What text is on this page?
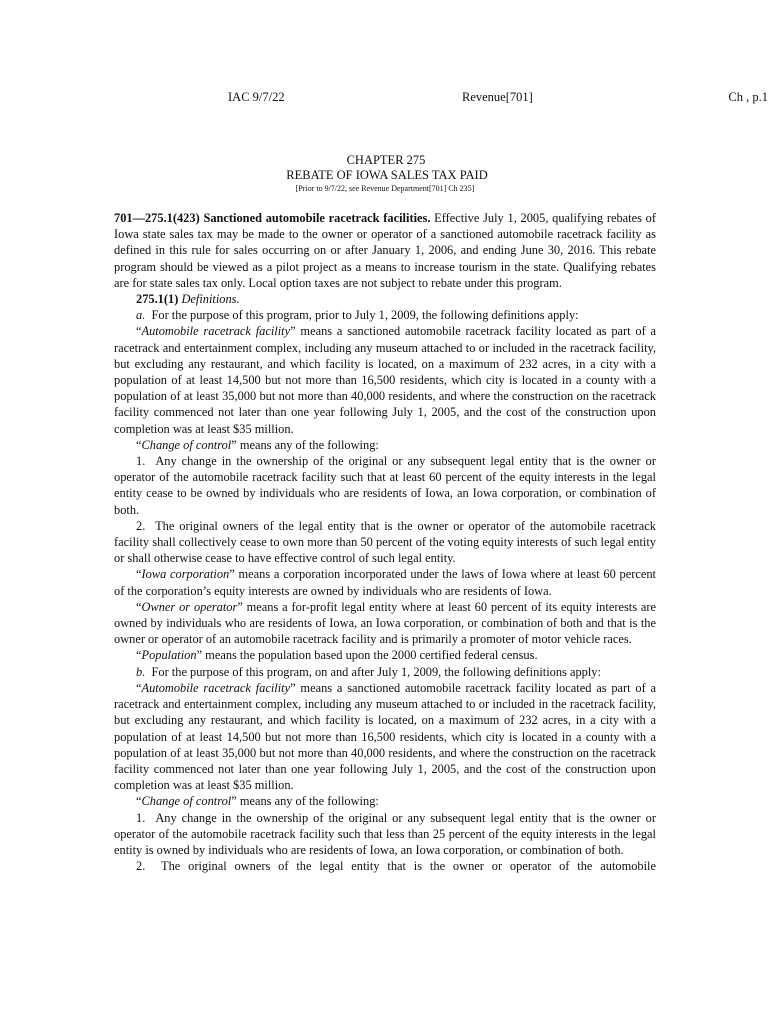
IAC 9/7/22	Revenue[701]	Ch , p.1
CHAPTER 275
REBATE OF IOWA SALES TAX PAID
[Prior to 9/7/22, see Revenue Department[701] Ch 235]

701—275.1(423) Sanctioned automobile racetrack facilities. Effective July 1, 2005, qualifying rebates of Iowa state sales tax may be made to the owner or operator of a sanctioned automobile racetrack facility as defined in this rule for sales occurring on or after January 1, 2006, and ending June 30, 2016. This rebate program should be viewed as a pilot project as a means to increase tourism in the state. Qualifying rebates are for state sales tax only. Local option taxes are not subject to rebate under this program.

275.1(1) Definitions.

a. For the purpose of this program, prior to July 1, 2009, the following definitions apply:

“Automobile racetrack facility” means a sanctioned automobile racetrack facility located as part of a racetrack and entertainment complex, including any museum attached to or included in the racetrack facility, but excluding any restaurant, and which facility is located, on a maximum of 232 acres, in a city with a population of at least 14,500 but not more than 16,500 residents, which city is located in a county with a population of at least 35,000 but not more than 40,000 residents, and where the construction on the racetrack facility commenced not later than one year following July 1, 2005, and the cost of the construction upon completion was at least $35 million.

“Change of control” means any of the following:

1. Any change in the ownership of the original or any subsequent legal entity that is the owner or operator of the automobile racetrack facility such that at least 60 percent of the equity interests in the legal entity cease to be owned by individuals who are residents of Iowa, an Iowa corporation, or combination of both.

2. The original owners of the legal entity that is the owner or operator of the automobile racetrack facility shall collectively cease to own more than 50 percent of the voting equity interests of such legal entity or shall otherwise cease to have effective control of such legal entity.

“Iowa corporation” means a corporation incorporated under the laws of Iowa where at least 60 percent of the corporation’s equity interests are owned by individuals who are residents of Iowa.

“Owner or operator” means a for-profit legal entity where at least 60 percent of its equity interests are owned by individuals who are residents of Iowa, an Iowa corporation, or combination of both and that is the owner or operator of an automobile racetrack facility and is primarily a promoter of motor vehicle races.

“Population” means the population based upon the 2000 certified federal census.

b. For the purpose of this program, on and after July 1, 2009, the following definitions apply:

“Automobile racetrack facility” means a sanctioned automobile racetrack facility located as part of a racetrack and entertainment complex, including any museum attached to or included in the racetrack facility, but excluding any restaurant, and which facility is located, on a maximum of 232 acres, in a city with a population of at least 14,500 but not more than 16,500 residents, which city is located in a county with a population of at least 35,000 but not more than 40,000 residents, and where the construction on the racetrack facility commenced not later than one year following July 1, 2005, and the cost of the construction upon completion was at least $35 million.

“Change of control” means any of the following:

1. Any change in the ownership of the original or any subsequent legal entity that is the owner or operator of the automobile racetrack facility such that less than 25 percent of the equity interests in the legal entity is owned by individuals who are residents of Iowa, an Iowa corporation, or combination of both.

2. The original owners of the legal entity that is the owner or operator of the automobile
